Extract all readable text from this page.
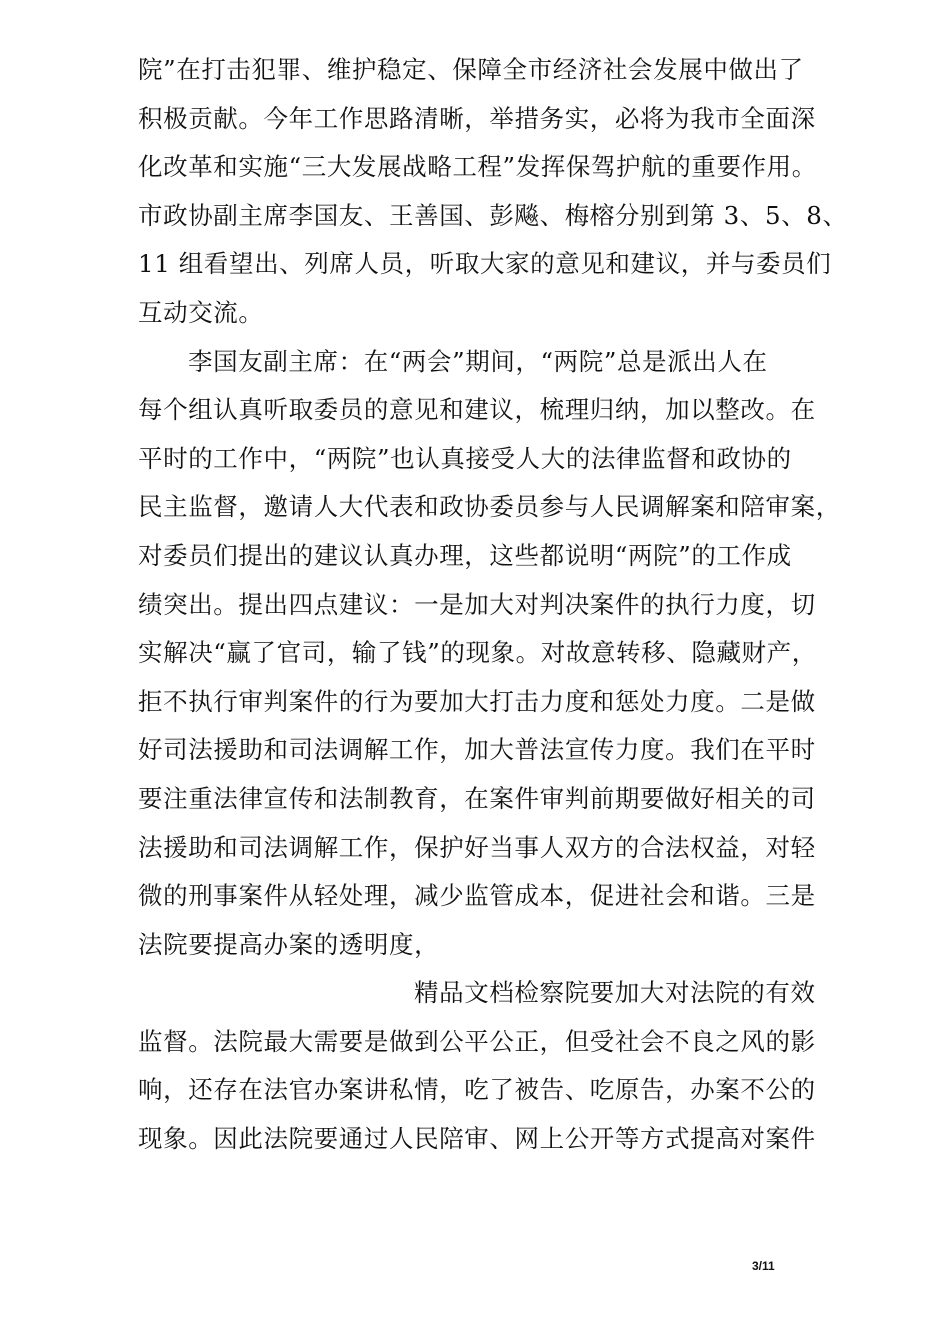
院”在打击犯罪、维护稳定、保障全市经济社会发展中做出了
积极贡献。今年工作思路清晰，举措务实，必将为我市全面深
化改革和实施“三大发展战略工程”发挥保驾护航的重要作用。
市政协副主席李国友、王善国、彭飚、梅榕分别到第 3、5、8、
11 组看望出、列席人员，听取大家的意见和建议，并与委员们
互动交流。
李国友副主席：在“两会”期间，“两院”总是派出人在
每个组认真听取委员的意见和建议，梳理归纳，加以整改。在
平时的工作中，“两院”也认真接受人大的法律监督和政协的
民主监督，邀请人大代表和政协委员参与人民调解案和陪审案，
对委员们提出的建议认真办理，这些都说明“两院”的工作成
绩突出。提出四点建议：一是加大对判决案件的执行力度，切
实解决“赢了官司，输了钱”的现象。对故意转移、隐藏财产，
拒不执行审判案件的行为要加大打击力度和惩处力度。二是做
好司法援助和司法调解工作，加大普法宣传力度。我们在平时
要注重法律宣传和法制教育，在案件审判前期要做好相关的司
法援助和司法调解工作，保护好当事人双方的合法权益，对轻
微的刑事案件从轻处理，减少监管成本，促进社会和谐。三是
法院要提高办案的透明度，
精品文档检察院要加大对法院的有效
监督。法院最大需要是做到公平公正，但受社会不良之风的影
响，还存在法官办案讲私情，吃了被告、吃原告，办案不公的
现象。因此法院要通过人民陪审、网上公开等方式提高对案件
3/11
